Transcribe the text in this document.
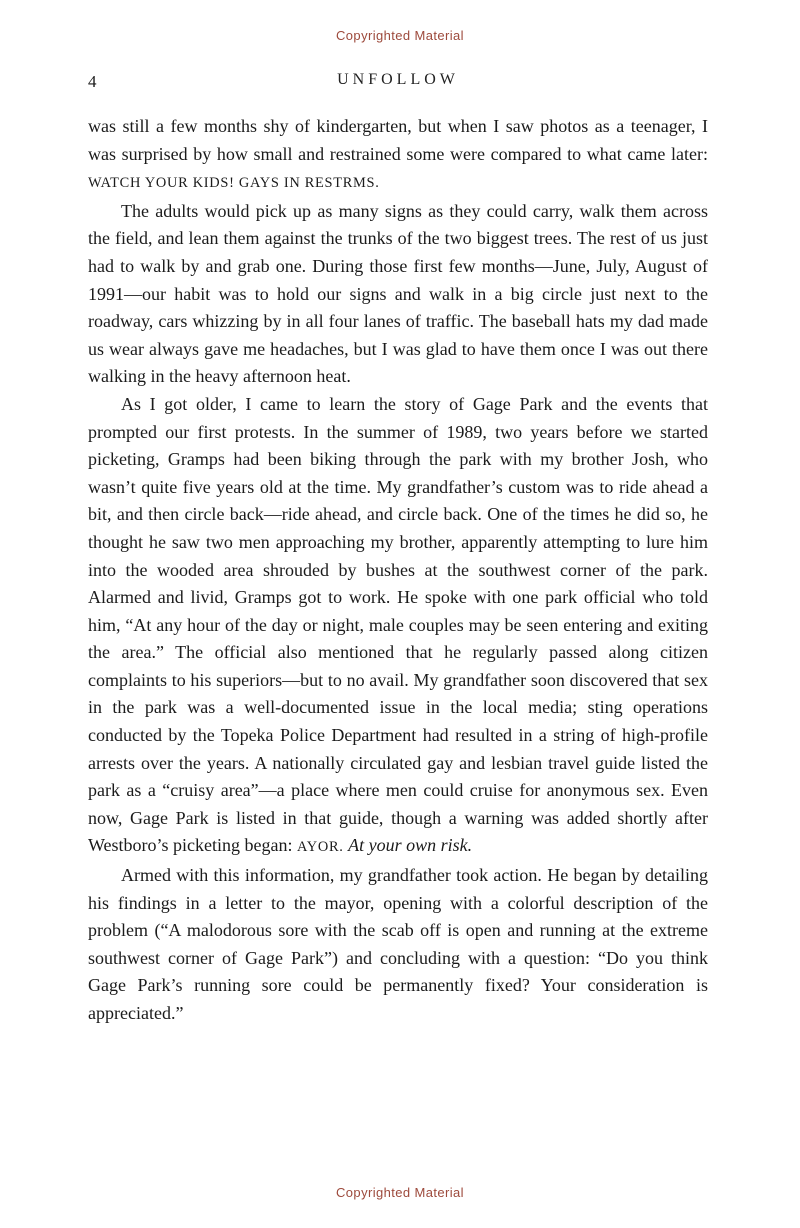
Copyrighted Material
4	UNFOLLOW

was still a few months shy of kindergarten, but when I saw photos as a teenager, I was surprised by how small and restrained some were compared to what came later: WATCH YOUR KIDS! GAYS IN RESTRMS.

The adults would pick up as many signs as they could carry, walk them across the field, and lean them against the trunks of the two biggest trees. The rest of us just had to walk by and grab one. During those first few months—June, July, August of 1991—our habit was to hold our signs and walk in a big circle just next to the roadway, cars whizzing by in all four lanes of traffic. The baseball hats my dad made us wear always gave me headaches, but I was glad to have them once I was out there walking in the heavy afternoon heat.

As I got older, I came to learn the story of Gage Park and the events that prompted our first protests. In the summer of 1989, two years before we started picketing, Gramps had been biking through the park with my brother Josh, who wasn’t quite five years old at the time. My grandfather’s custom was to ride ahead a bit, and then circle back—ride ahead, and circle back. One of the times he did so, he thought he saw two men approaching my brother, apparently attempting to lure him into the wooded area shrouded by bushes at the southwest corner of the park. Alarmed and livid, Gramps got to work. He spoke with one park official who told him, “At any hour of the day or night, male couples may be seen entering and exiting the area.” The official also mentioned that he regularly passed along citizen complaints to his superiors—but to no avail. My grandfather soon discovered that sex in the park was a well-documented issue in the local media; sting operations conducted by the Topeka Police Department had resulted in a string of high-profile arrests over the years. A nationally circulated gay and lesbian travel guide listed the park as a “cruisy area”—a place where men could cruise for anonymous sex. Even now, Gage Park is listed in that guide, though a warning was added shortly after Westboro’s picketing began: AYOR. At your own risk.

Armed with this information, my grandfather took action. He began by detailing his findings in a letter to the mayor, opening with a colorful description of the problem (“A malodorous sore with the scab off is open and running at the extreme southwest corner of Gage Park”) and concluding with a question: “Do you think Gage Park’s running sore could be permanently fixed? Your consideration is appreciated.”

Copyrighted Material
